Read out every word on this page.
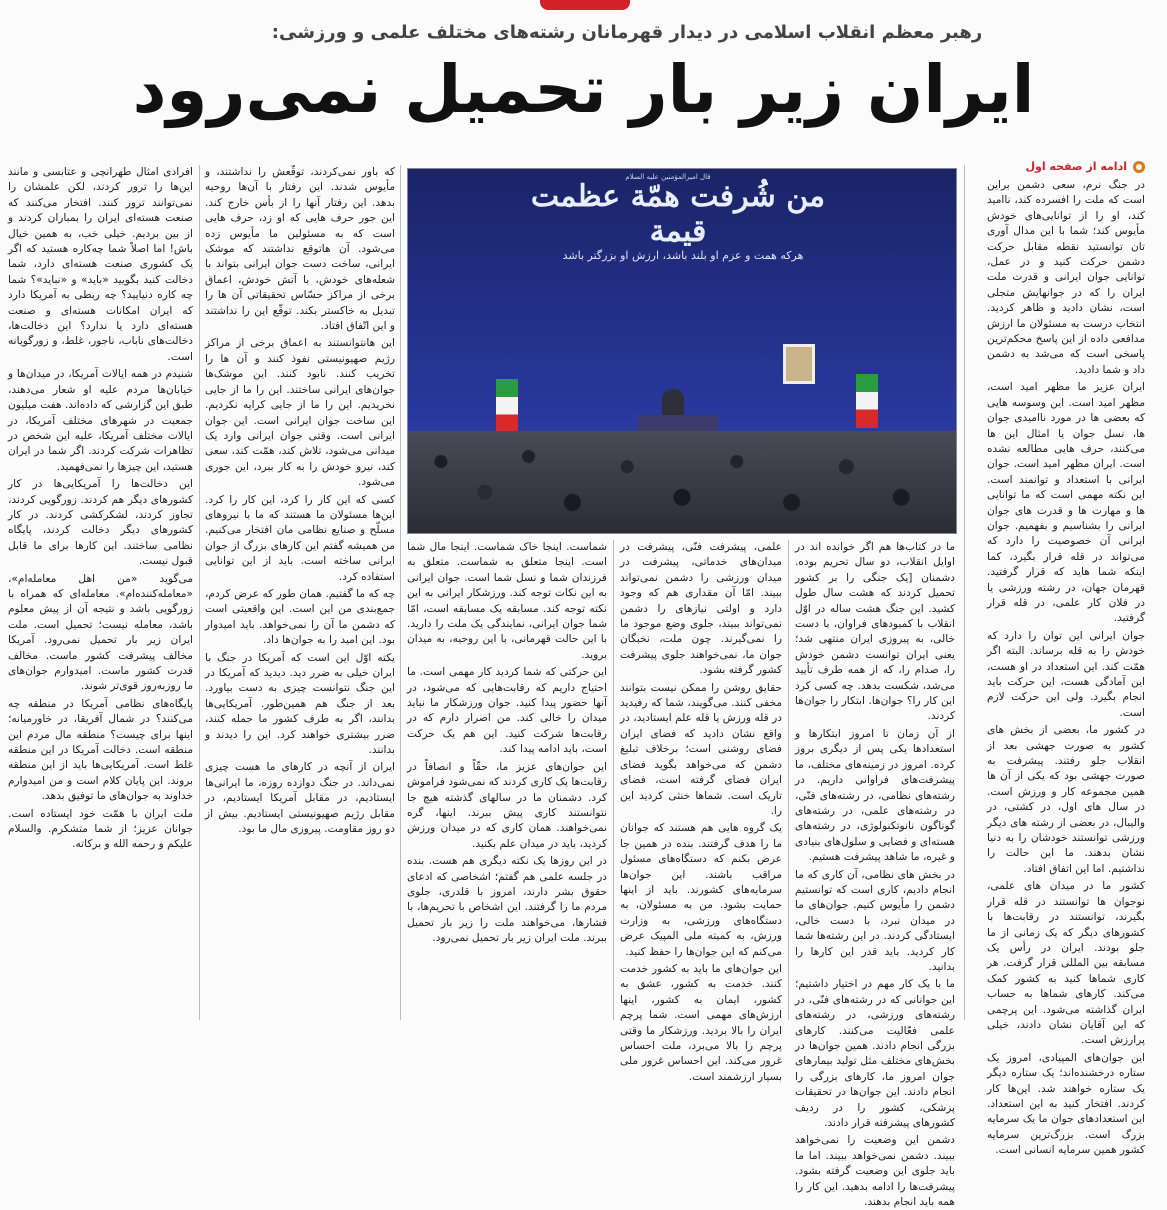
رهبر معظم انقلاب اسلامی در دیدار قهرمانان رشته‌های مختلف علمی و ورزشی:
ایران زیر بار تحمیل نمی‌رود
ادامه از صفحه اول

در جنگ نرم، سعی دشمن براین است که ملت را افسرده کند، ناامید کند، او را از توانایی‌های خودش مأیوس کند؛ شما با این مدال آوری تان توانستید نقطه مقابل حرکت دشمن حرکت کنید و در عمل، توانایی جوان ایرانی و قدرت ملت ایران را که در جوانهایش متجلی است، نشان دادید و ظاهر کردید. انتخاب درست به مسئولان ما ارزش مدافعی داده از این پاسخ محکم‌ترین پاسخی است که می‌شد به دشمن داد و شما دادید.

ایران عزیز ما مظهر امید است، مظهر امید است. این وسوسه هایی که بعضی ها در مورد ناامیدی جوان ها، نسل جوان یا امثال این ها می‌کنند، حرف هایی مطالعه نشده است. ایران مظهر امید است. جوان ایرانی با استعداد و توانمند است. این نکته مهمی است که ما توانایی ها و مهارت ها و قدرت های جوان ایرانی را بشناسیم و بفهمیم. جوان ایرانی آن خصوصیت را دارد که می‌تواند در قله قرار بگیرد، کما اینکه شما هاید که قرار گرفتید. قهرمان جهان، در رشته ورزشی یا در فلان کار علمی، در قله قرار گرفتید.

جوان ایرانی این توان را دارد که خودش را به قله برساند. البته اگر همّت کند. این استعداد در او هست، این آمادگی هست، این حرکت باید انجام بگیرد. ولی این حرکت لازم است.

در کشور ما، بعضی از بخش های کشور به صورت جهشی بعد از انقلاب جلو رفتند. پیشرفت به صورت جهشی بود که یکی از آن ها همین مجموعه کار و ورزش است. در سال های اول، در کشتی، در والیبال، در بعضی از رشته های دیگر ورزشی توانستند خودشان را به دنیا نشان بدهند. ما این حالت را نداشتیم. اما این اتفاق افتاد.

کشور ما در میدان های علمی، نوجوان ها توانستند در قله قرار بگیرند، توانستند در رقابت‌ها با کشورهای دیگر که یک زمانی از ما جلو بودند. ایران در رأس یک مسابقه بین المللی قرار گرفت. هر کاری شماها کنید به کشور کمک می‌کند. کارهای شماها به حساب ایران گذاشته می‌شود. این پرچمی که این آقایان نشان دادند، خیلی پرارزش است.

این جوان‌های المپیادی، امروز یک ستاره درخشنده‌اند؛ یک ستاره دیگر یک ستاره خواهند شد. این‌ها کار کردند. افتخار کنید به این استعداد. این استعدادهای جوان ما یک سرمایه بزرگ است. بزرگ‌ترین سرمایه کشور همین سرمایه انسانی است.

قال امیرالمؤمنین علیه السلام
من شُرفت همّة عظمت قیمة
هرکه همت و عزم او بلند باشد، ارزش او بزرگتر باشد

ما در کتاب‌ها هم اگر خوانده اند در اوایل انقلاب، دو سال تحریم بوده. دشمنان [یک جنگی را بر کشور تحمیل کردند که هشت سال طول کشید. این جنگ هشت ساله در اوّل انقلاب با کمبودهای فراوان، با دست خالی، به پیروزی ایران منتهی شد؛ یعنی ایران توانست دشمن خودش را، صدام را، که از همه طرف تأیید می‌شد، شکست بدهد. چه کسی کرد این کار را؟ جوان‌ها. ابتکار را جوان‌ها کردند.

از آن زمان تا امروز ابتکارها و استعدادها یکی پس از دیگری بروز کرده. امروز در زمینه‌های مختلف، ما پیشرفت‌های فراوانی داریم. در رشته‌های نظامی، در رشته‌های فنّی، در رشته‌های علمی، در رشته‌های گوناگون نانوتکنولوژی، در رشته‌های هسته‌ای و فضایی و سلول‌های بنیادی و غیره، ما شاهد پیشرفت هستیم.

در بخش های نظامی، آن کاری که ما انجام دادیم، کاری است که توانستیم دشمن را مأیوس کنیم. جوان‌های ما در میدان نبرد، با دست خالی، ایستادگی کردند. در این رشته‌ها شما کار کردید. باید قدر این کارها را بدانید.

ما با یک کار مهم در اختیار داشتیم؛ این جوانانی که در رشته‌های فنّی، در رشته‌های ورزشی، در رشته‌های علمی فعّالیت می‌کنند. کارهای بزرگی انجام دادند. همین جوان‌ها در بخش‌های مختلف مثل تولید بیمارهای جوان امروز ما، کارهای بزرگی را انجام دادند. این جوان‌ها در تحقیقات پزشکی، کشور را در ردیف کشورهای پیشرفته قرار دادند.

دشمن این وضعیت را نمی‌خواهد ببیند. دشمن نمی‌خواهد ببیند. اما ما باید جلوی این وضعیت گرفته بشود. پیشرفت‌ها را ادامه بدهید. این کار را همه باید انجام بدهند.

علمی، پیشرفت فنّی، پیشرفت در میدان‌های خدماتی، پیشرفت در میدان ورزشی را دشمن نمی‌تواند ببیند. امّا آن مقداری هم که وجود دارد و اولتی نیازهای را دشمن نمی‌تواند ببیند، جلوی وضع موجود ما را نمی‌گیرند. چون ملت، نخبگان جوان ما، نمی‌خواهند جلوی پیشرفت کشور گرفته بشود.

حقایق روشن را ممکن نیست بتوانند مخفی کنند. می‌گویند، شما که رفیدید در قله ورزش یا قله علم ایستادید، در واقع نشان دادید که فضای ایران فضای روشنی است؛ برخلاف تبلیغ دشمن که می‌خواهد بگوید فضای ایران فضای گرفته است، فضای تاریک است. شماها خنثی کردید این را.

یک گروه هایی هم هستند که جوانان ما را هدف گرفتند. بنده در همین جا عرض بکنم که دستگاه‌های مسئول مراقب باشند. این جوان‌ها سرمایه‌های کشورند. باید از اینها حمایت بشود. من به مسئولان، به دستگاه‌های ورزشی، به وزارت ورزش، به کمیته ملی المپیک عرض می‌کنم که این جوان‌ها را حفظ کنید.

این جوان‌های ما باید به کشور خدمت کنند. خدمت به کشور، عشق به کشور، ایمان به کشور، اینها ارزش‌های مهمی است. شما پرچم ایران را بالا بردید. ورزشکار ما وقتی پرچم را بالا می‌برد، ملت احساس غرور می‌کند. این احساس غرور ملی بسیار ارزشمند است.

شماست. اینجا خاک شماست. اینجا مال شما است. اینجا متعلق به شماست. متعلق به فرزندان شما و نسل شما است. جوان ایرانی به این نکات توجه کند. ورزشکار ایرانی به این نکته توجه کند. مسابقه یک مسابقه است، امّا شما جوان ایرانی، نمایندگی یک ملت را دارید. با این حالت قهرمانی، با این روحیه، به میدان بروید.

این حرکتی که شما کردید کار مهمی است. ما احتیاج داریم که رقابت‌هایی که می‌شود، در آنها حضور پیدا کنید. جوان ورزشکار ما نباید میدان را خالی کند. من اصرار دارم که در رقابت‌ها شرکت کنید. این هم یک حرکت است، باید ادامه پیدا کند.

این جوان‌های عزیز ما، حقّاً و انصافاً در رقابت‌ها یک کاری کردند که نمی‌شود فراموش کرد. دشمنان ما در سالهای گذشته هیچ جا نتوانستند کاری پیش ببرند. اینها، گره نمی‌خواهند. همان کاری که در میدان ورزش کردید، باید در میدان علم بکنید.

در این روزها یک نکته دیگری هم هست. بنده در جلسه علمی هم گفتم؛ اشخاصی که ادعای حقوق بشر دارند، امروز با قلدری، جلوی مردم ما را گرفتند. این اشخاص با تحریم‌ها، با فشارها، می‌خواهند ملت را زیر بار تحمیل ببرند. ملت ایران زیر بار تحمیل نمی‌رود.

که باور نمی‌کردند، توقّعش را نداشتند، و مأیوس شدند. این رفتار با آن‌ها روحیه بدهد. این رفتار آنها را از بأس خارج کند. این جور حرف هایی که او زد، حرف هایی است که به مسئولین ما مأیوس زده می‌شود. آن هاتوقع نداشتند که موشک ایرانی، ساخت دست جوان ایرانی بتواند با شعله‌های خودش، با آتش خودش، اعماق برخی از مراکز حسّاس تحقیقاتی آن ها را تبدیل به خاکستر بکند. توقّع این را نداشتند و این اتّفاق افتاد.

این هانتوانستند به اعماق برخی از مراکز رژیم صهیونیستی نفوذ کنند و آن ها را تخریب کنند. نابود کنند. این موشک‌ها جوان‌های ایرانی ساختند. این را ما از جایی نخریدیم. این را ما از جایی کرایه نکردیم. این ساخت جوان ایرانی است. این جوان ایرانی است. وقتی جوان ایرانی وارد یک میدانی می‌شود، تلاش کند، همّت کند، سعی کند، نیرو خودش را به کار ببرد، این جوری می‌شود.

کسی که این کار را کرد، این کار را کرد. این‌ها مسئولان ما هستند که ما با نیروهای مسلّح و صنایع نظامی مان افتخار می‌کنیم. من همیشه گفتم این کارهای بزرگ از جوان ایرانی ساخته است. باید از این توانایی استفاده کرد.

چه که ما گفتیم. همان طور که عرض کردم، جمع‌بندی من این است. این واقعیتی است که دشمن ما آن را نمی‌خواهد. باید امیدوار بود. این امید را به جوان‌ها داد.

یکته اوّل این است که آمریکا در جنگ با ایران خیلی به ضرر دید. دیدید که آمریکا در این جنگ نتوانست چیزی به دست بیاورد. بعد از جنگ هم همین‌طور. آمریکایی‌ها بدانند، اگر به طرف کشور ما حمله کنند، ضرر بیشتری خواهند کرد. این را دیدند و بدانند.

ایران از آنچه در کارهای ما هست چیزی نمی‌داند. در جنگ دوازده روزه، ما ایرانی‌ها ایستادیم، در مقابل آمریکا ایستادیم، در مقابل رژیم صهیونیستی ایستادیم. بیش از دو روز مقاومت. پیروزی مال ما بود.

افرادی امثال طهرانچی و عتابسی و مانند این‌ها را ترور کردند، لکن علمشان را نمی‌توانند ترور کنند. افتخار می‌کنند که صنعت هسته‌ای ایران را بمباران کردند و از بین بردیم. خیلی خب، به همین خیال باش! اما اصلاً شما چه‌کاره هستید که اگر یک کشوری صنعت هسته‌ای دارد، شما دخالت کنید بگویید «باید» و «نباید»؟ شما چه کاره دنیایید؟ چه ربطی به آمریکا دارد که ایران امکانات هسته‌ای و صنعت هسته‌ای دارد یا ندارد؟ این دخالت‌ها، دخالت‌های ناباب، ناجور، غلط، و زورگویانه است.

شنیدم در همه ایالات آمریکا، در میدان‌ها و خیابان‌ها مردم علیه او شعار می‌دهند، طبق این گزارشی که داده‌اند. هفت میلیون جمعیت در شهرهای مختلف آمریکا، در ایالات مختلف آمریکا، علیه این شخص در تظاهرات شرکت کردند. اگر شما در ایران هستید، این چیزها را نمی‌فهمید.

این دخالت‌ها را آمریکایی‌ها در کار کشورهای دیگر هم کردند. زورگویی کردند، تجاوز کردند، لشکرکشی کردند. در کار کشورهای دیگر دخالت کردند، پایگاه نظامی ساختند. این کارها برای ما قابل قبول نیست.

می‌گوید «من اهل معامله‌ام»، «معامله‌کننده‌ام». معامله‌ای که همراه با زورگویی باشد و نتیجه آن از پیش معلوم باشد، معامله نیست؛ تحمیل است. ملت ایران زیر بار تحمیل نمی‌رود. آمریکا مخالف پیشرفت کشور ماست. مخالف قدرت کشور ماست. امیدوارم جوان‌های ما روزبه‌روز قوی‌تر شوند.

پایگاه‌های نظامی آمریکا در منطقه چه می‌کنند؟ در شمال آفریقا، در خاورمیانه؛ اینها برای چیست؟ منطقه مال مردم این منطقه است. دخالت آمریکا در این منطقه غلط است. آمریکایی‌ها باید از این منطقه بروند. این پایان کلام است و من امیدوارم خداوند به جوان‌های ما توفیق بدهد.

ملت ایران با همّت خود ایستاده است. جوانان عزیز؛ از شما متشکرم. والسلام علیکم و رحمه الله و برکاته.
